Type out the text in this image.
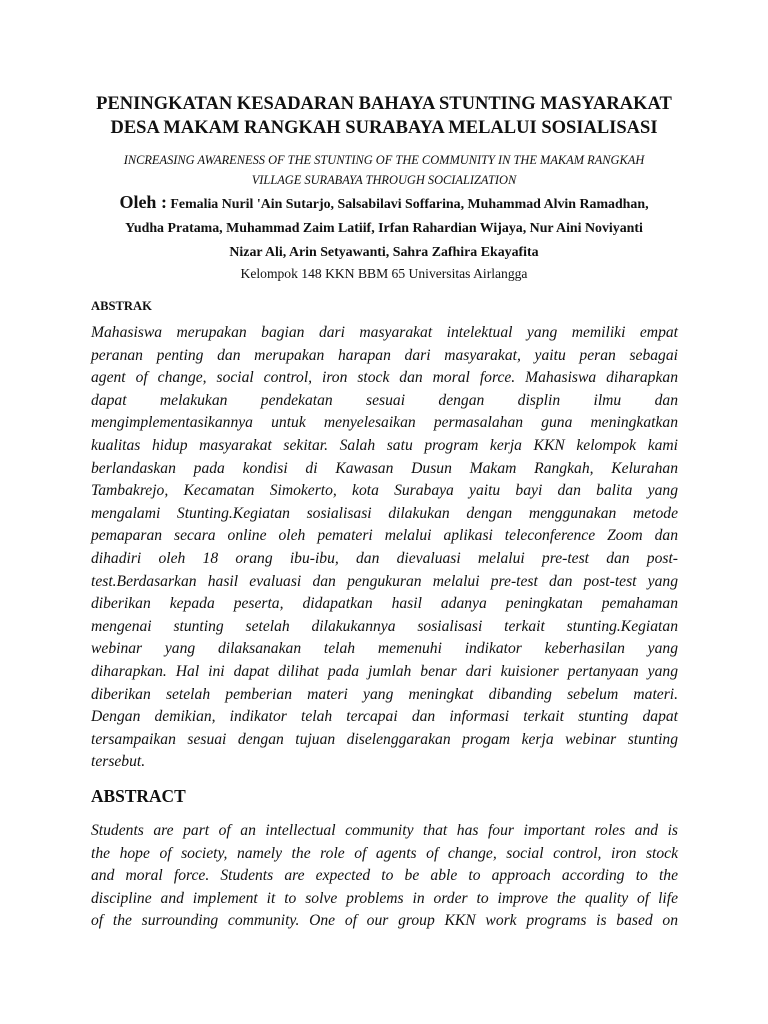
PENINGKATAN KESADARAN BAHAYA STUNTING MASYARAKAT
DESA MAKAM RANGKAH SURABAYA MELALUI SOSIALISASI
INCREASING AWARENESS OF THE STUNTING OF THE COMMUNITY IN THE MAKAM RANGKAH
VILLAGE SURABAYA THROUGH SOCIALIZATION
Oleh : Femalia Nuril 'Ain Sutarjo, Salsabilavi Soffarina, Muhammad Alvin Ramadhan,
Yudha Pratama, Muhammad Zaim Latiif, Irfan Rahardian Wijaya, Nur Aini Noviyanti
Nizar Ali, Arin Setyawanti, Sahra Zafhira Ekayafita
Kelompok 148 KKN BBM 65 Universitas Airlangga
ABSTRAK
Mahasiswa merupakan bagian dari masyarakat intelektual yang memiliki empat
peranan penting dan merupakan harapan dari masyarakat, yaitu peran sebagai
agent of change, social control, iron stock dan moral force. Mahasiswa diharapkan
dapat melakukan pendekatan sesuai dengan displin ilmu dan
mengimplementasikannya untuk menyelesaikan permasalahan guna meningkatkan
kualitas hidup masyarakat sekitar. Salah satu program kerja KKN kelompok kami
berlandaskan pada kondisi di Kawasan Dusun Makam Rangkah, Kelurahan
Tambakrejo, Kecamatan Simokerto, kota Surabaya yaitu bayi dan balita yang
mengalami Stunting.Kegiatan sosialisasi dilakukan dengan menggunakan metode
pemaparan secara online oleh pemateri melalui aplikasi teleconference Zoom dan
dihadiri oleh 18 orang ibu-ibu, dan dievaluasi melalui pre-test dan post-
test.Berdasarkan hasil evaluasi dan pengukuran melalui pre-test dan post-test yang
diberikan kepada peserta, didapatkan hasil adanya peningkatan pemahaman
mengenai stunting setelah dilakukannya sosialisasi terkait stunting.Kegiatan
webinar yang dilaksanakan telah memenuhi indikator keberhasilan yang
diharapkan. Hal ini dapat dilihat pada jumlah benar dari kuisioner pertanyaan yang
diberikan setelah pemberian materi yang meningkat dibanding sebelum materi.
Dengan demikian, indikator telah tercapai dan informasi terkait stunting dapat
tersampaikan sesuai dengan tujuan diselenggarakan progam kerja webinar stunting
tersebut.
ABSTRACT
Students are part of an intellectual community that has four important roles and is
the hope of society, namely the role of agents of change, social control, iron stock
and moral force. Students are expected to be able to approach according to the
discipline and implement it to solve problems in order to improve the quality of life
of the surrounding community. One of our group KKN work programs is based on
